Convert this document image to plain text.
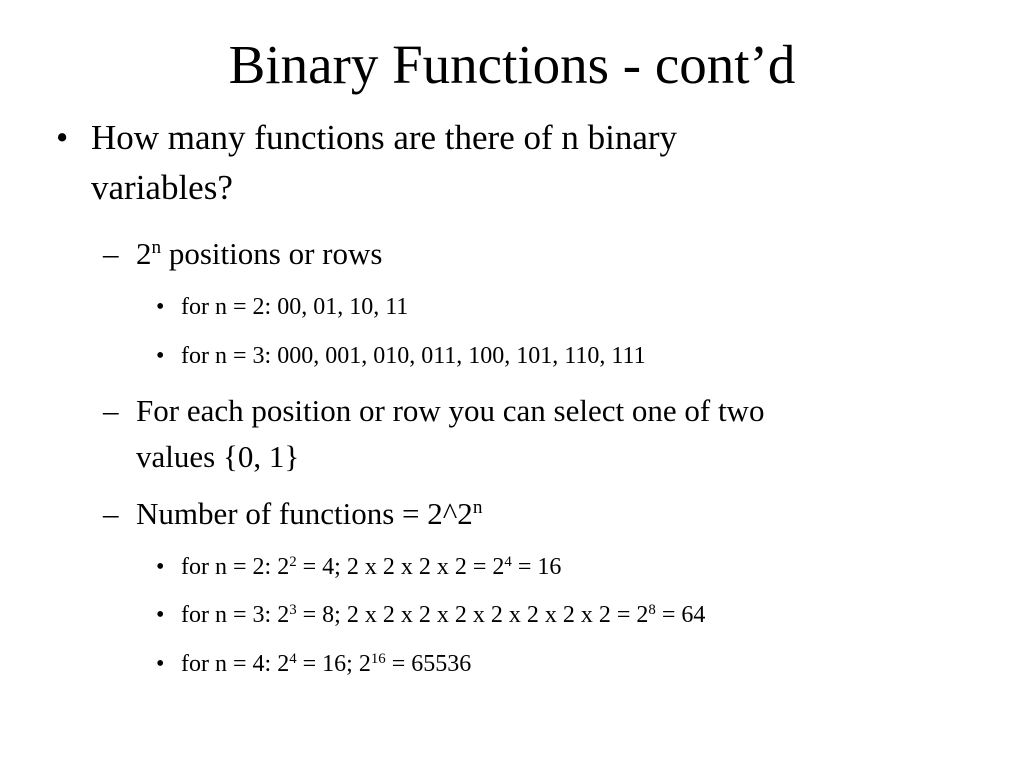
Binary Functions - cont’d
• How many functions are there of n binary
variables?
– 2$^n$ positions or rows
• for n = 2: 00, 01, 10, 11
• for n = 3: 000, 001, 010, 011, 100, 101, 110, 111
– For each position or row you can select one of two
values {0, 1}
– Number of functions = $2\^{}2^n$
• for n = 2: $2^2 = 4$; 2 x 2 x 2 x $2 = 2^4 = 16$
• for n = 3: $2^3 = 8$; 2 x 2 x 2 x 2 x 2 x 2 x 2 x $2 = 2^8 = 64$
• for n = 4: $2^4 = 16$; $2^{16} = 65536$
